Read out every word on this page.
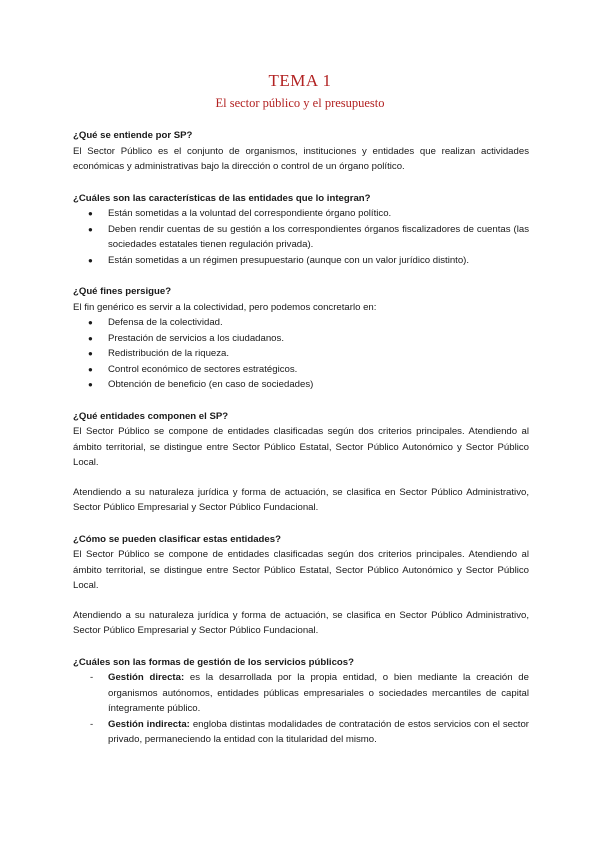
TEMA 1
El sector público y el presupuesto

¿Qué se entiende por SP?

El Sector Público es el conjunto de organismos, instituciones y entidades que realizan actividades económicas y administrativas bajo la dirección o control de un órgano político.

¿Cuáles son las características de las entidades que lo integran?

● Están sometidas a la voluntad del correspondiente órgano político.
● Deben rendir cuentas de su gestión a los correspondientes órganos fiscalizadores de cuentas (las sociedades estatales tienen regulación privada).
● Están sometidas a un régimen presupuestario (aunque con un valor jurídico distinto).

¿Qué fines persigue?

El fin genérico es servir a la colectividad, pero podemos concretarlo en:

● Defensa de la colectividad.
● Prestación de servicios a los ciudadanos.
● Redistribución de la riqueza.
● Control económico de sectores estratégicos.
● Obtención de beneficio (en caso de sociedades)

¿Qué entidades componen el SP?

El Sector Público se compone de entidades clasificadas según dos criterios principales. Atendiendo al ámbito territorial, se distingue entre Sector Público Estatal, Sector Público Autonómico y Sector Público Local.

Atendiendo a su naturaleza jurídica y forma de actuación, se clasifica en Sector Público Administrativo, Sector Público Empresarial y Sector Público Fundacional.

¿Cómo se pueden clasificar estas entidades?

El Sector Público se compone de entidades clasificadas según dos criterios principales. Atendiendo al ámbito territorial, se distingue entre Sector Público Estatal, Sector Público Autonómico y Sector Público Local.

Atendiendo a su naturaleza jurídica y forma de actuación, se clasifica en Sector Público Administrativo, Sector Público Empresarial y Sector Público Fundacional.

¿Cuáles son las formas de gestión de los servicios públicos?

- Gestión directa: es la desarrollada por la propia entidad, o bien mediante la creación de organismos autónomos, entidades públicas empresariales o sociedades mercantiles de capital íntegramente público.
- Gestión indirecta: engloba distintas modalidades de contratación de estos servicios con el sector privado, permaneciendo la entidad con la titularidad del mismo.
